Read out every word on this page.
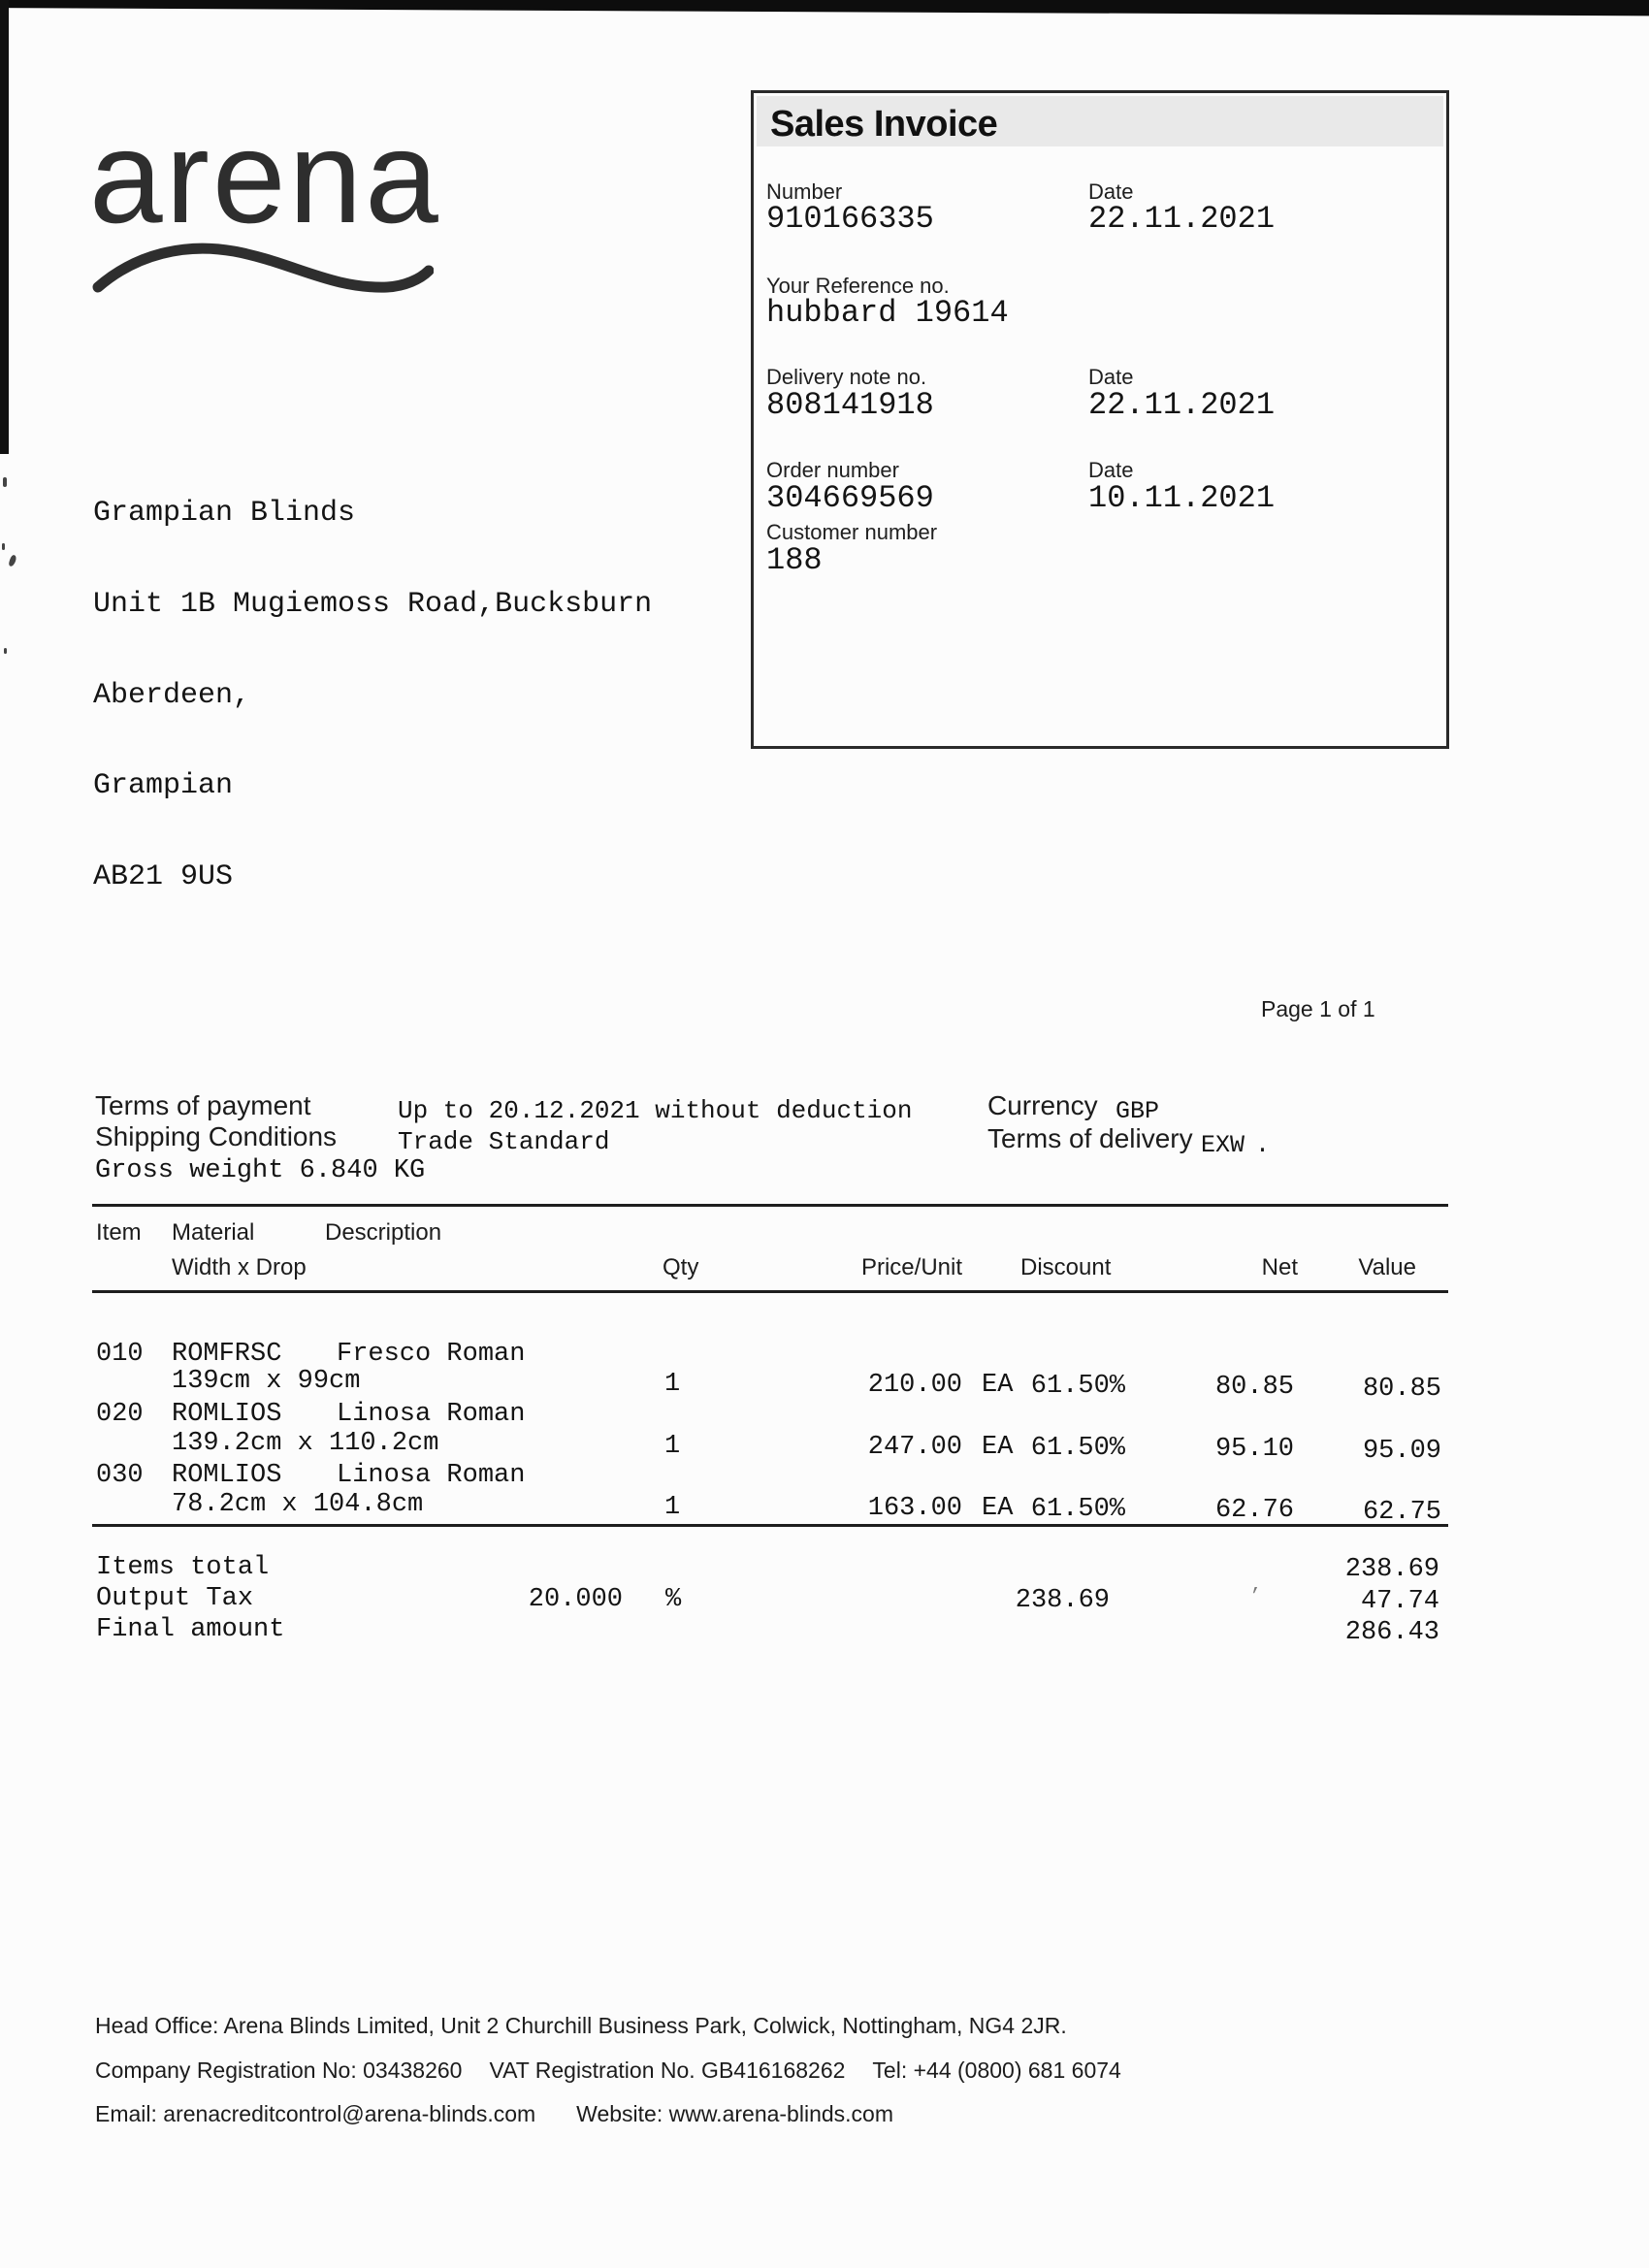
arena

Grampian Blinds

Unit 1B Mugiemoss Road,Bucksburn

Aberdeen,

Grampian

AB21 9US

Sales Invoice
Number
910166335
Date
22.11.2021
Your Reference no.
hubbard 19614
Delivery note no.
808141918
Date
22.11.2021
Order number
304669569
Date
10.11.2021
Customer number
188
Page 1 of 1
Terms of payment	Up to 20.12.2021 without deduction
Shipping Conditions Trade Standard
Gross weight 6.840 KG
Currency GBP
Terms of delivery EXW .
Item Material	Description
Width x Drop	Qty	Price/Unit	Discount	Net	Value
010 ROMFRSC Fresco Roman
139cm x 99cm	1	210.00 EA 61.50%	80.85	80.85
020 ROMLIOS Linosa Roman
139.2cm x 110.2cm	1	247.00 EA 61.50%	95.10	95.09
030 ROMLIOS Linosa Roman
78.2cm x 104.8cm	1	163.00 EA 61.50%	62.76	62.75
Items total	238.69
Output Tax	20.000 %	238.69	’	47.74
Final amount	286.43
Head Office: Arena Blinds Limited, Unit 2 Churchill Business Park, Colwick, Nottingham, NG4 2JR.
Company Registration No: 03438260 VAT Registration No. GB416168262 Tel: +44 (0800) 681 6074
Email: arenacreditcontrol@arena-blinds.com Website: www.arena-blinds.com
